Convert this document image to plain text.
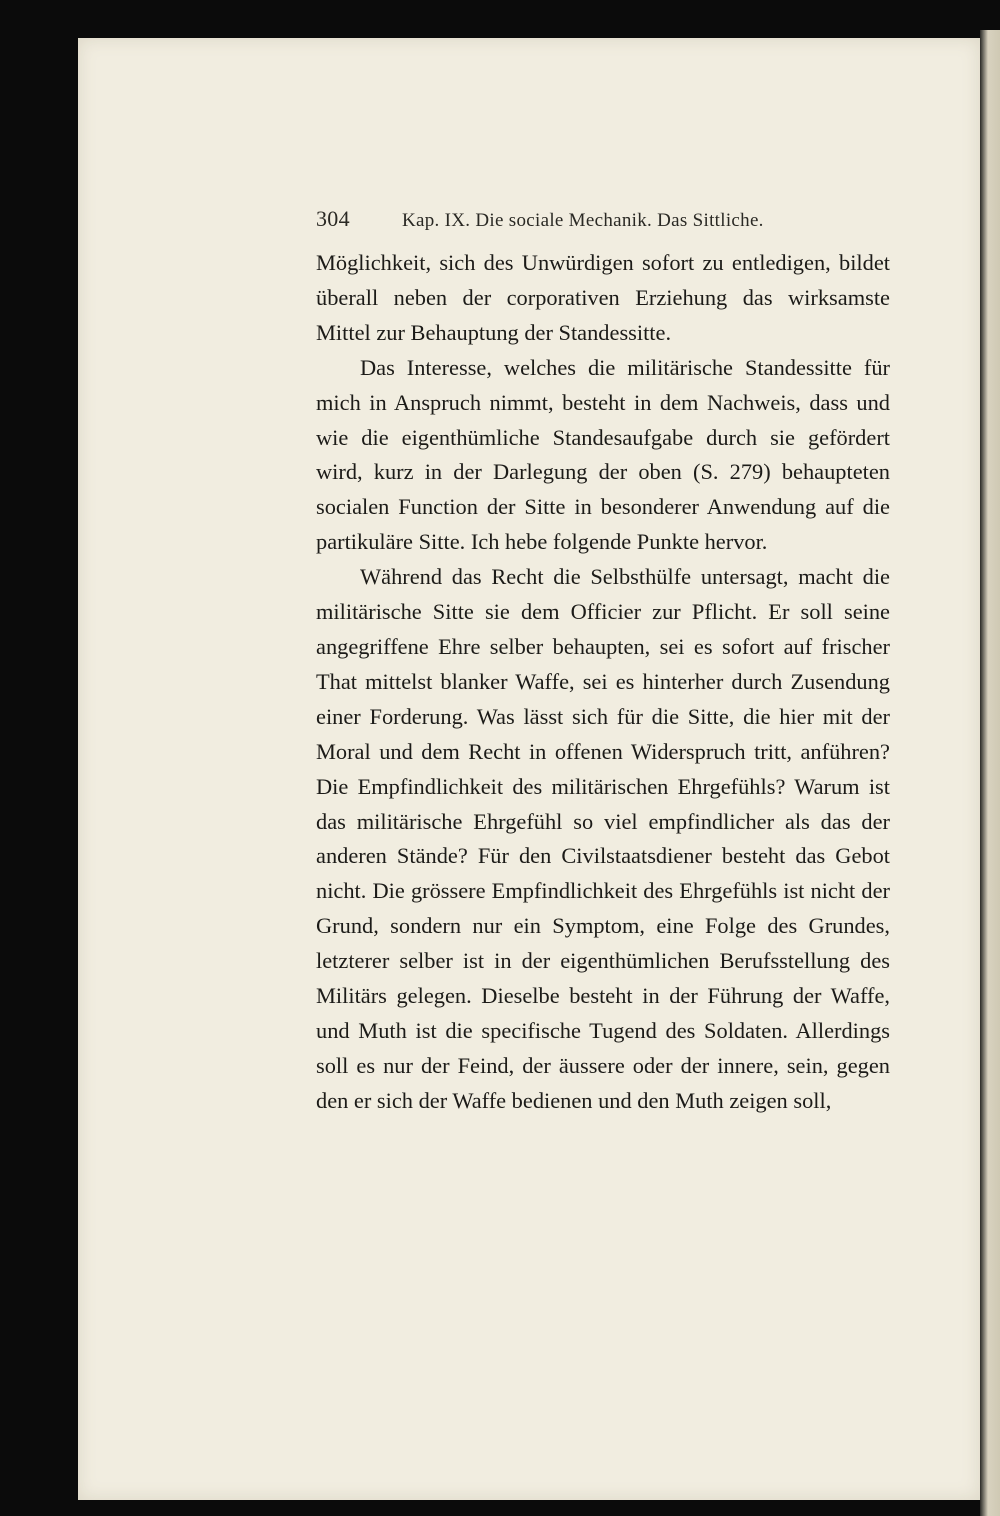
304	Kap. IX. Die sociale Mechanik. Das Sittliche.

Möglichkeit, sich des Unwürdigen sofort zu entledigen, bildet überall neben der corporativen Erziehung das wirksamste Mittel zur Behauptung der Standessitte.

Das Interesse, welches die militärische Standessitte für mich in Anspruch nimmt, besteht in dem Nachweis, dass und wie die eigenthümliche Standesaufgabe durch sie gefördert wird, kurz in der Darlegung der oben (S. 279) behaupteten socialen Function der Sitte in besonderer Anwendung auf die partikuläre Sitte. Ich hebe folgende Punkte hervor.

Während das Recht die Selbsthülfe untersagt, macht die militärische Sitte sie dem Officier zur Pflicht. Er soll seine angegriffene Ehre selber behaupten, sei es sofort auf frischer That mittelst blanker Waffe, sei es hinterher durch Zusendung einer Forderung. Was lässt sich für die Sitte, die hier mit der Moral und dem Recht in offenen Widerspruch tritt, anführen? Die Empfindlichkeit des militärischen Ehrgefühls? Warum ist das militärische Ehrgefühl so viel empfindlicher als das der anderen Stände? Für den Civilstaatsdiener besteht das Gebot nicht. Die grössere Empfindlichkeit des Ehrgefühls ist nicht der Grund, sondern nur ein Symptom, eine Folge des Grundes, letzterer selber ist in der eigenthümlichen Berufsstellung des Militärs gelegen. Dieselbe besteht in der Führung der Waffe, und Muth ist die specifische Tugend des Soldaten. Allerdings soll es nur der Feind, der äussere oder der innere, sein, gegen den er sich der Waffe bedienen und den Muth zeigen soll,
